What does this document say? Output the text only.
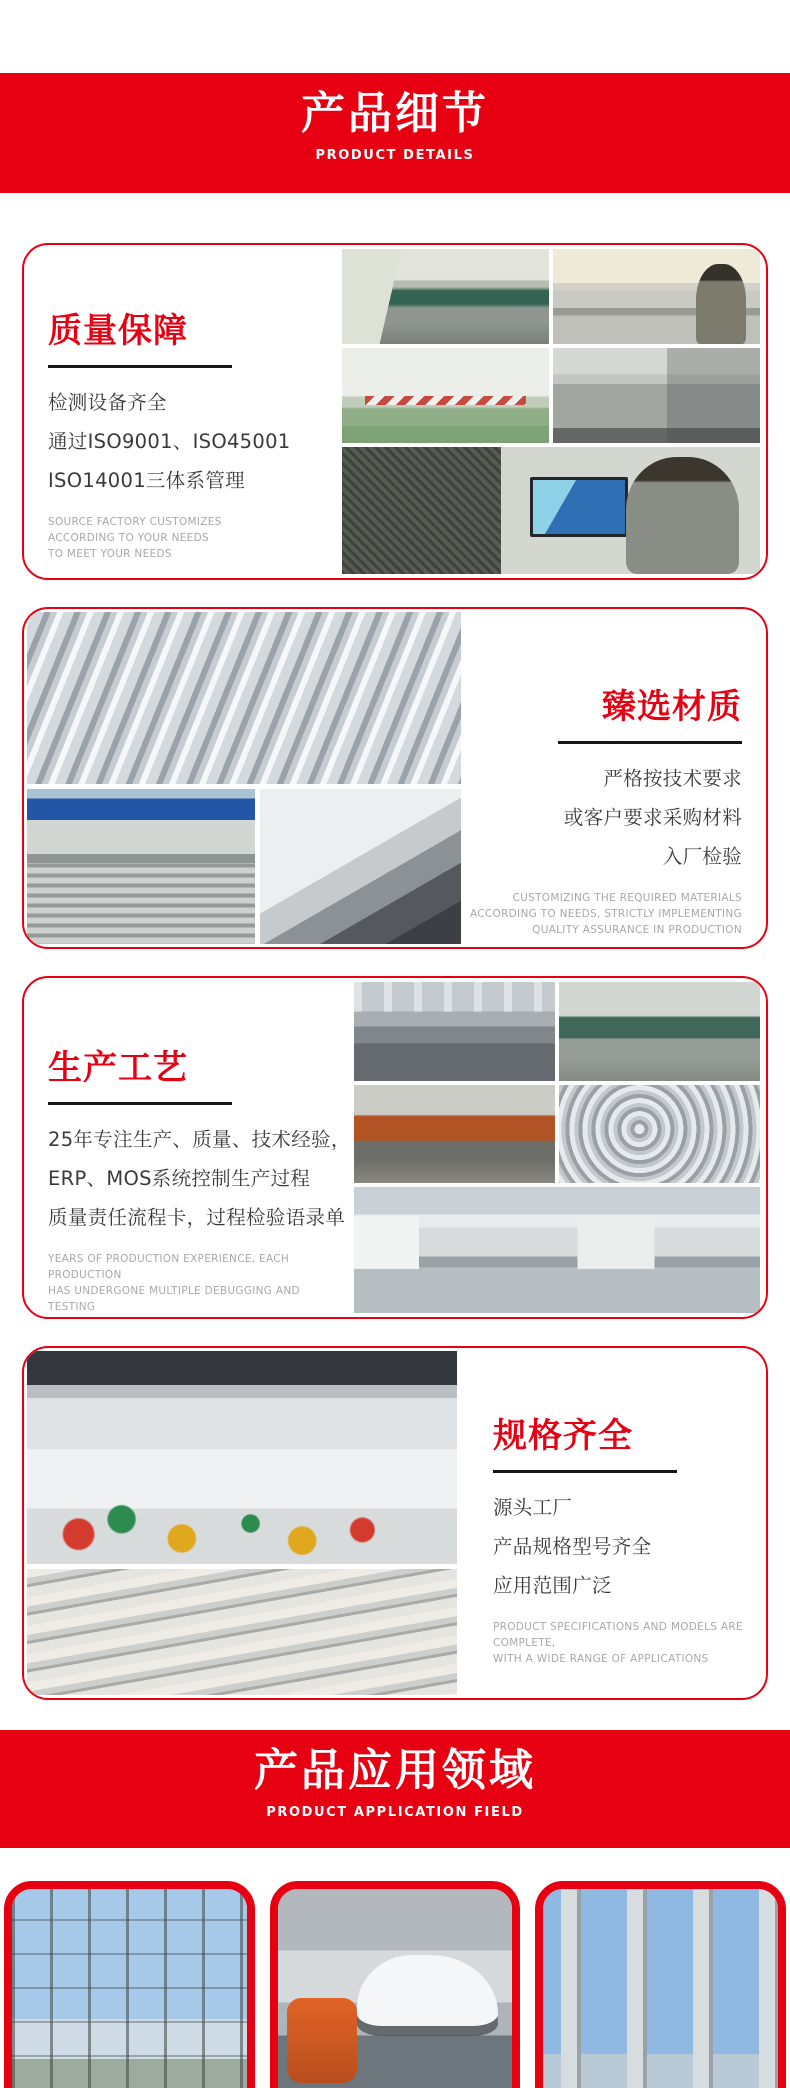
产品细节
PRODUCT DETAILS
质量保障

检测设备齐全

通过ISO9001、ISO45001

ISO14001三体系管理

SOURCE FACTORY CUSTOMIZES

ACCORDING TO YOUR NEEDS

TO MEET YOUR NEEDS

臻选材质

严格按技术要求

或客户要求采购材料

入厂检验

CUSTOMIZING THE REQUIRED MATERIALS

ACCORDING TO NEEDS, STRICTLY IMPLEMENTING

QUALITY ASSURANCE IN PRODUCTION

生产工艺

25年专注生产、质量、技术经验，

ERP、MOS系统控制生产过程

质量责任流程卡，过程检验语录单

YEARS OF PRODUCTION EXPERIENCE, EACH PRODUCTION

HAS UNDERGONE MULTIPLE DEBUGGING AND TESTING

规格齐全

源头工厂

产品规格型号齐全

应用范围广泛

PRODUCT SPECIFICATIONS AND MODELS ARE COMPLETE,

WITH A WIDE RANGE OF APPLICATIONS

产品应用领域
PRODUCT APPLICATION FIELD
